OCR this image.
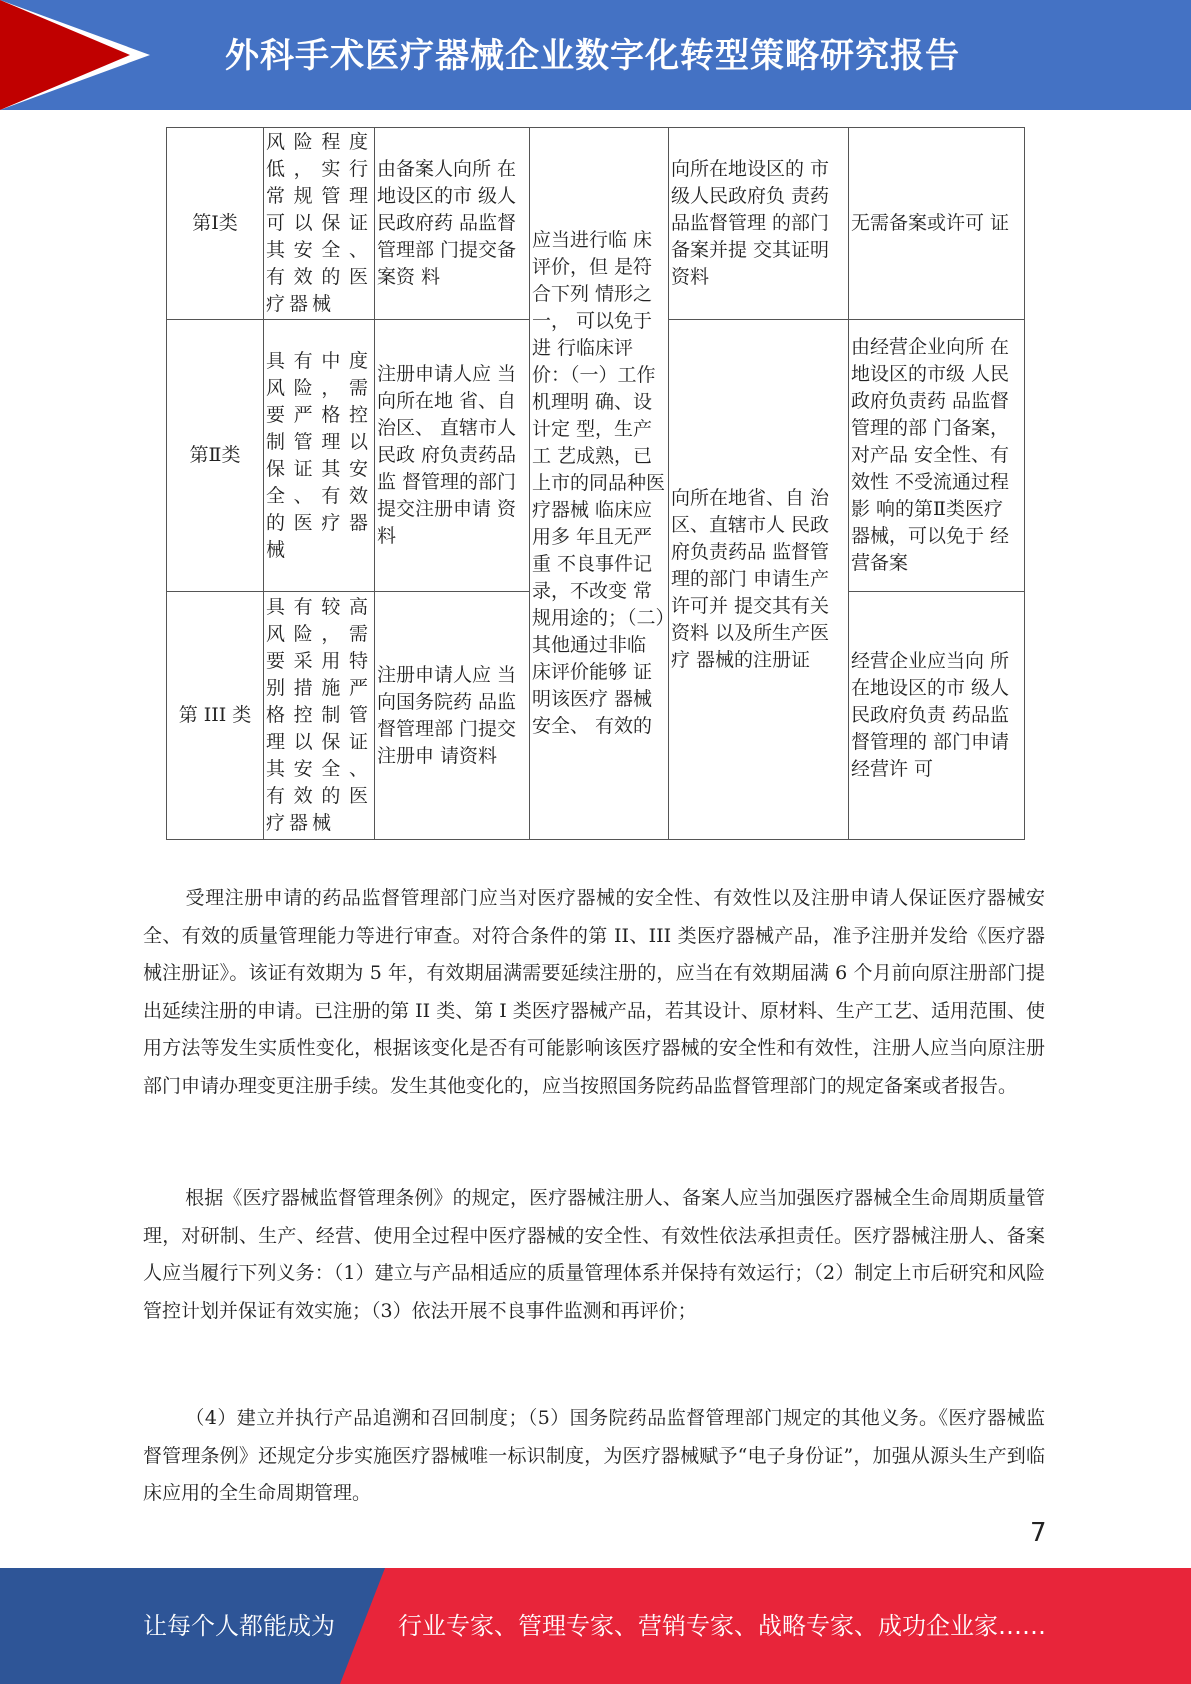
外科手术医疗器械企业数字化转型策略研究报告
第Ⅰ类	风险程度低，实行常规管理可以保证其安全、有效的医疗器械	由备案人向所 在地设区的市 级人民政府药 品监督管理部 门提交备案资 料	应当进行临 床评价，但 是符合下列 情形之一， 可以免于进 行临床评价：（一）工作机理明 确、设计定 型，生产工 艺成熟，已 上市的同品种医疗器械 临床应用多 年且无严重 不良事件记 录，不改变 常规用途的；（二）其他通过非临 床评价能够 证明该医疗 器械安全、 有效的	向所在地设区的 市级人民政府负 责药品监督管理 的部门备案并提 交其证明资料	无需备案或许可 证
第Ⅱ类	具有中度风险，需要严格控制管理以保证其安全、有效的医疗器械	注册申请人应 当向所在地 省、自治区、 直辖市人民政 府负责药品监 督管理的部门 提交注册申请 资料		向所在地省、自 治区、直辖市人 民政府负责药品 监督管理的部门 申请生产许可并 提交其有关资料 以及所生产医疗 器械的注册证	由经营企业向所 在地设区的市级 人民政府负责药 品监督管理的部 门备案，对产品 安全性、有效性 不受流通过程影 响的第Ⅱ类医疗 器械，可以免于 经营备案
第 III 类	具有较高风险，需要采用特别措施严格控制管理以保证其安全、有效的医疗器械	注册申请人应 当向国务院药 品监督管理部 门提交注册申 请资料			经营企业应当向 所在地设区的市 级人民政府负责 药品监督管理的 部门申请经营许 可
受理注册申请的药品监督管理部门应当对医疗器械的安全性、有效性以及注册申请人保证医疗器械安全、有效的质量管理能力等进行审查。对符合条件的第 II、III 类医疗器械产品，准予注册并发给《医疗器械注册证》。该证有效期为 5 年，有效期届满需要延续注册的，应当在有效期届满 6 个月前向原注册部门提出延续注册的申请。已注册的第 II 类、第 I 类医疗器械产品，若其设计、原材料、生产工艺、适用范围、使用方法等发生实质性变化，根据该变化是否有可能影响该医疗器械的安全性和有效性，注册人应当向原注册部门申请办理变更注册手续。发生其他变化的，应当按照国务院药品监督管理部门的规定备案或者报告。
根据《医疗器械监督管理条例》的规定，医疗器械注册人、备案人应当加强医疗器械全生命周期质量管理，对研制、生产、经营、使用全过程中医疗器械的安全性、有效性依法承担责任。医疗器械注册人、备案人应当履行下列义务：（1）建立与产品相适应的质量管理体系并保持有效运行；（2）制定上市后研究和风险管控计划并保证有效实施；（3）依法开展不良事件监测和再评价；
（4）建立并执行产品追溯和召回制度；（5）国务院药品监督管理部门规定的其他义务。《医疗器械监督管理条例》还规定分步实施医疗器械唯一标识制度，为医疗器械赋予“电子身份证”，加强从源头生产到临床应用的全生命周期管理。
7
让每个人都能成为	行业专家、管理专家、营销专家、战略专家、成功企业家……
